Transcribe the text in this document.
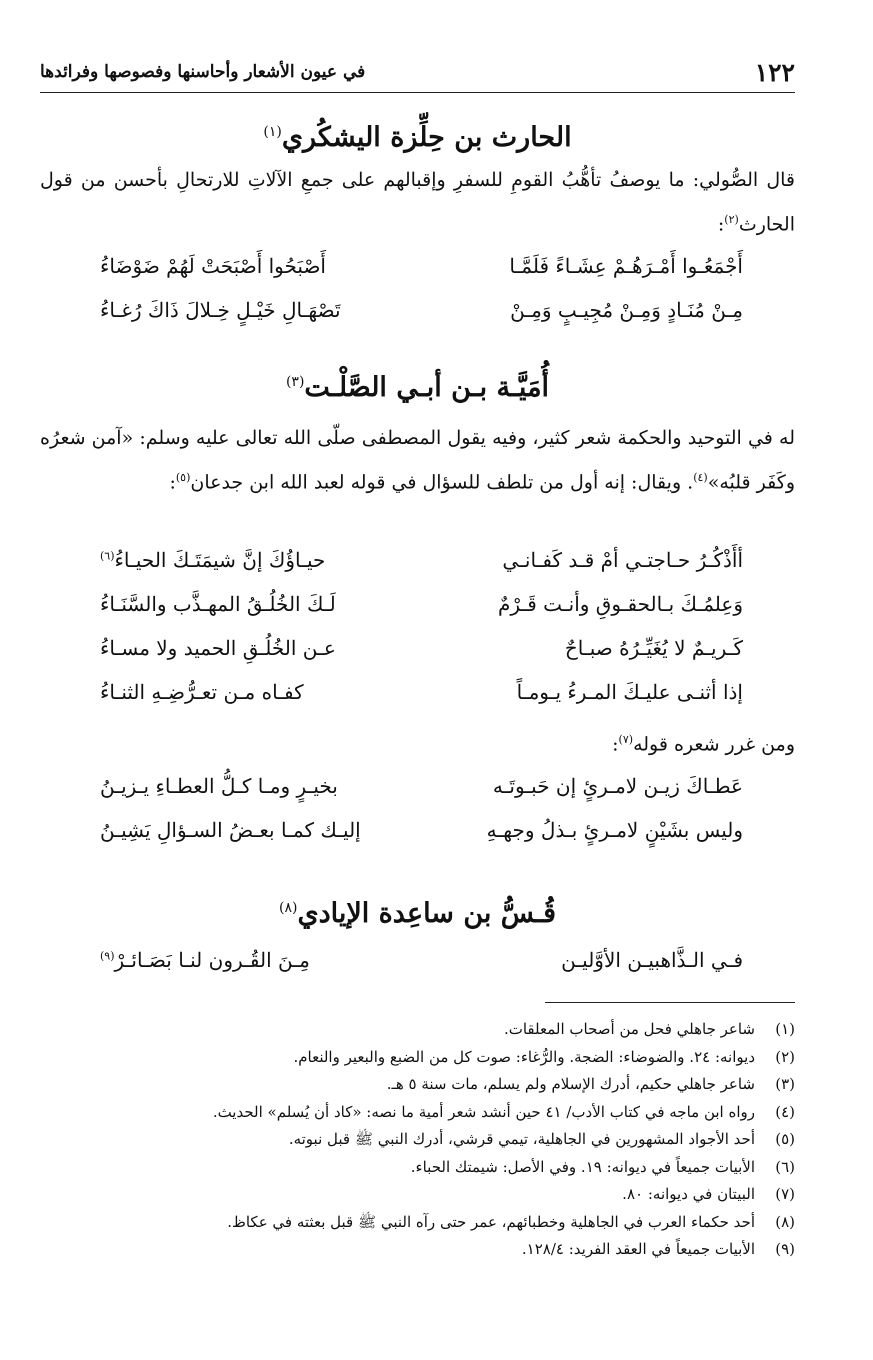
١٢٢
في عيون الأشعار وأحاسنها وفصوصها وفرائدها
الحارث بن حِلِّزة اليشكُري$^{(١)}$

قال الصُّولي: ما يوصفُ تأهُّبُ القومِ للسفرِ وإقبالهم على جمعِ الآلاتِ للارتحالِ بأحسن من قول الحارث$^{(٢)}$:

أَجْمَعُـوا أَمْـرَهُـمْ عِشَـاءً فَلَمَّـا
أَصْبَحُوا أَصْبَحَتْ لَهُمْ ضَوْضَاءُ
مِـنْ مُنَـادٍ وَمِـنْ مُجِيـبٍ وَمِـنْ
تَصْهَـالِ خَيْـلٍ خِـلالَ ذَاكَ رُغـاءُ
أُمَيَّـة بـن أبـي الصَّلْـت$^{(٣)}$

له في التوحيد والحكمة شعر كثير، وفيه يقول المصطفى صلّى الله تعالى عليه وسلم: «آمن شعرُه وكَفَر قلبُه»$^{(٤)}$. ويقال: إنه أول من تلطف للسؤال في قوله لعبد الله ابن جدعان$^{(٥)}$:

أأَذْكُـرُ حـاجتـي أمْ قـد كَفـانـي
حيـاؤُكَ إنَّ شيمَتَـكَ الحيـاءُ$^{(٦)}$
وَعِلمُـكَ بـالحقـوقِ وأنـت قَـرْمٌ
لَـكَ الخُلُـقُ المهـذَّب والسَّنَـاءُ
كَـريـمٌ لا يُغَيِّـرُهُ صبـاحٌ
عـن الخُلُـقِ الحميد ولا مسـاءُ
إذا أثنـى عليـكَ المـرءُ يـومـاً
كفـاه مـن تعـرُّضِـهِ الثنـاءُ

ومن غرر شعره قوله$^{(٧)}$:

عَطـاكَ زيـن لامـرئٍ إن حَبـوتَـه
بخيـرٍ ومـا كـلُّ العطـاءِ يـزيـنُ
وليس بشَيْنٍ لامـرئٍ بـذلُ وجهـهِ
إليـك كمـا بعـضُ السـؤالِ يَشِيـنُ
قُـسُّ بن ساعِدة الإيادي$^{(٨)}$
فـي الـذَّاهبيـن الأوَّليـن
مِـنَ القُـرون لنـا بَصَـائـرْ$^{(٩)}$
(١)
شاعر جاهلي فحل من أصحاب المعلقات.
(٢)
ديوانه: ٢٤. والضوضاء: الضجة. والرُّغاء: صوت كل من الضبع والبعير والنعام.
(٣)
شاعر جاهلي حكيم، أدرك الإسلام ولم يسلم، مات سنة ٥ هـ.
(٤)
رواه ابن ماجه في كتاب الأدب/ ٤١ حين أنشد شعر أمية ما نصه: «كاد أن يُسلم» الحديث.
(٥)
أحد الأجواد المشهورين في الجاهلية، تيمي قرشي، أدرك النبي ﷺ قبل نبوته.
(٦)
الأبيات جميعاً في ديوانه: ١٩. وفي الأصل: شيمتك الحباء.
(٧)
البيتان في ديوانه: ٨٠.
(٨)
أحد حكماء العرب في الجاهلية وخطبائهم، عمر حتى رآه النبي ﷺ قبل بعثته في عكاظ.
(٩)
الأبيات جميعاً في العقد الفريد: ١٢٨/٤.
